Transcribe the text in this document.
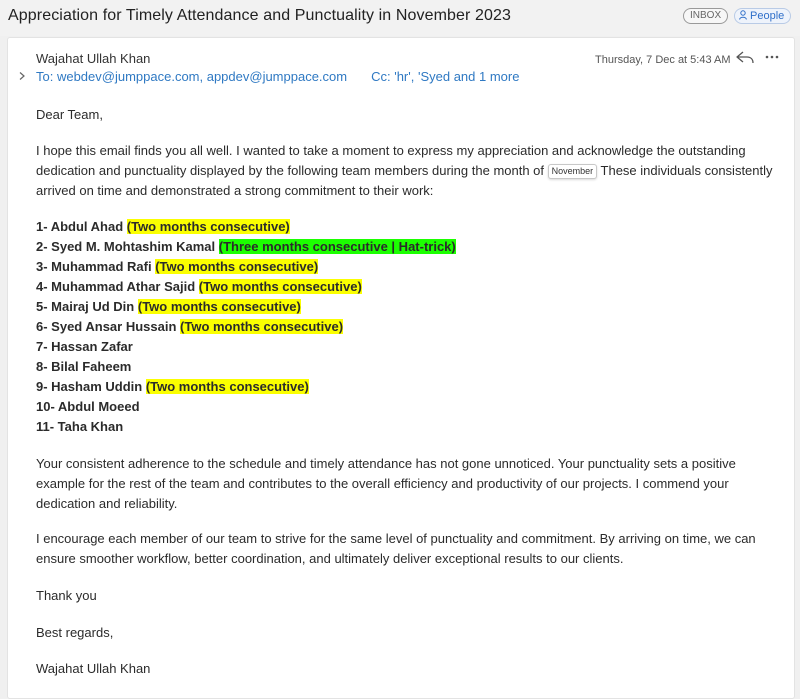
Appreciation for Timely Attendance and Punctuality in November 2023	INBOX	People
Wajahat Ullah Khan
To: webdev@jumppace.com, appdev@jumppace.com Cc: 'hr', 'Syed and 1 more
Thursday, 7 Dec at 5:43 AM

Dear Team,

I hope this email finds you all well. I wanted to take a moment to express my appreciation and acknowledge the outstanding dedication and punctuality displayed by the following team members during the month of November These individuals consistently arrived on time and demonstrated a strong commitment to their work:

1- Abdul Ahad (Two months consecutive)
2- Syed M. Mohtashim Kamal (Three months consecutive | Hat-trick)
3- Muhammad Rafi (Two months consecutive)
4- Muhammad Athar Sajid (Two months consecutive)
5- Mairaj Ud Din (Two months consecutive)
6- Syed Ansar Hussain (Two months consecutive)
7- Hassan Zafar
8- Bilal Faheem
9- Hasham Uddin (Two months consecutive)
10- Abdul Moeed
11- Taha Khan

Your consistent adherence to the schedule and timely attendance has not gone unnoticed. Your punctuality sets a positive example for the rest of the team and contributes to the overall efficiency and productivity of our projects. I commend your dedication and reliability.

I encourage each member of our team to strive for the same level of punctuality and commitment. By arriving on time, we can ensure smoother workflow, better coordination, and ultimately deliver exceptional results to our clients.

Thank you

Best regards,

Wajahat Ullah Khan
